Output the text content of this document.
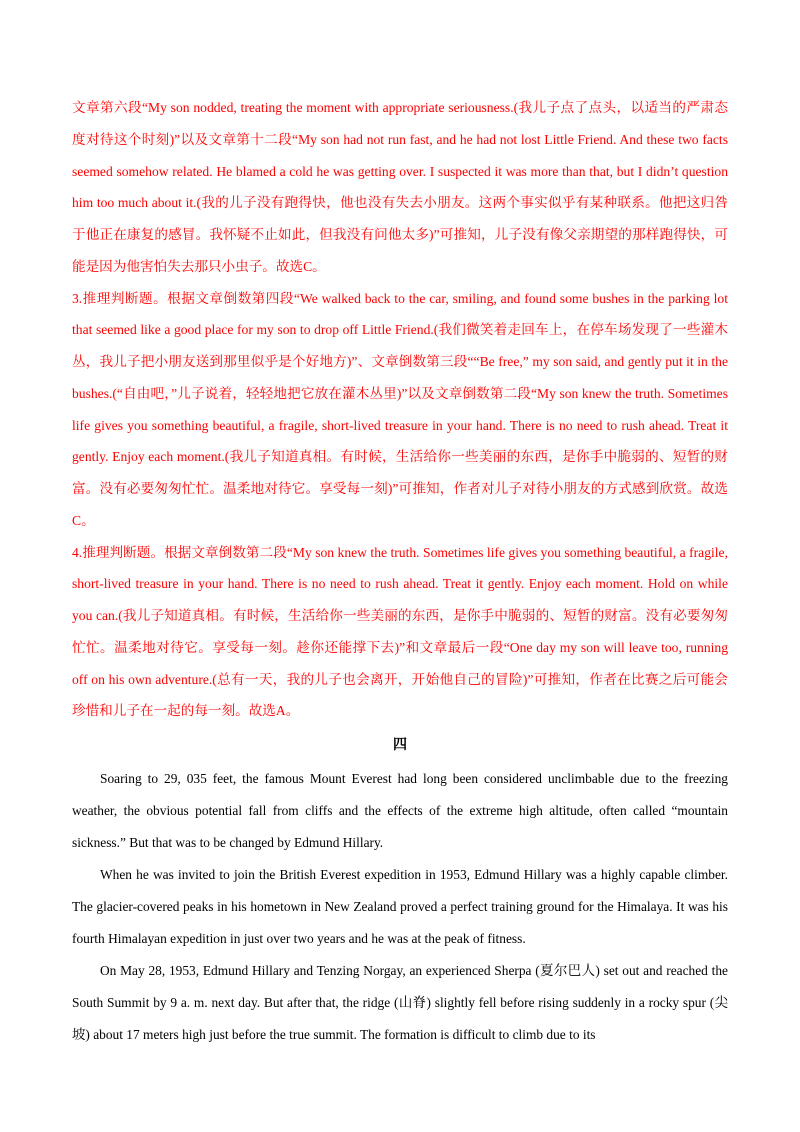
文章第六段“My son nodded, treating the moment with appropriate seriousness.(我儿子点了点头，以适当的严肃态度对待这个时刻)”以及文章第十二段“My son had not run fast, and he had not lost Little Friend. And these two facts seemed somehow related. He blamed a cold he was getting over. I suspected it was more than that, but I didn’t question him too much about it.(我的儿子没有跑得快，他也没有失去小朋友。这两个事实似乎有某种联系。他把这归咎于他正在康复的感冒。我怀疑不止如此，但我没有问他太多)”可推知，儿子没有像父亲期望的那样跑得快，可能是因为他害怕失去那只小虫子。故选C。

3.推理判断题。根据文章倒数第四段“We walked back to the car, smiling, and found some bushes in the parking lot that seemed like a good place for my son to drop off Little Friend.(我们微笑着走回车上，在停车场发现了一些灌木丛，我儿子把小朋友送到那里似乎是个好地方)”、文章倒数第三段““Be free,” my son said, and gently put it in the bushes.(“自由吧，”儿子说着，轻轻地把它放在灌木丛里)”以及文章倒数第二段“My son knew the truth. Sometimes life gives you something beautiful, a fragile, short-lived treasure in your hand. There is no need to rush ahead. Treat it gently. Enjoy each moment.(我儿子知道真相。有时候，生活给你一些美丽的东西，是你手中脆弱的、短暂的财富。没有必要匆匆忙忙。温柔地对待它。享受每一刻)”可推知，作者对儿子对待小朋友的方式感到欣赏。故选C。

4.推理判断题。根据文章倒数第二段“My son knew the truth. Sometimes life gives you something beautiful, a fragile, short-lived treasure in your hand. There is no need to rush ahead. Treat it gently. Enjoy each moment. Hold on while you can.(我儿子知道真相。有时候，生活给你一些美丽的东西，是你手中脆弱的、短暂的财富。没有必要匆匆忙忙。温柔地对待它。享受每一刻。趁你还能撑下去)”和文章最后一段“One day my son will leave too, running off on his own adventure.(总有一天，我的儿子也会离开，开始他自己的冒险)”可推知，作者在比赛之后可能会珍惜和儿子在一起的每一刻。故选A。

四

Soaring to 29, 035 feet, the famous Mount Everest had long been considered unclimbable due to the freezing weather, the obvious potential fall from cliffs and the effects of the extreme high altitude, often called “mountain sickness.” But that was to be changed by Edmund Hillary.

When he was invited to join the British Everest expedition in 1953, Edmund Hillary was a highly capable climber. The glacier-covered peaks in his hometown in New Zealand proved a perfect training ground for the Himalaya. It was his fourth Himalayan expedition in just over two years and he was at the peak of fitness.

On May 28, 1953, Edmund Hillary and Tenzing Norgay, an experienced Sherpa (夏尔巴人) set out and reached the South Summit by 9 a. m. next day. But after that, the ridge (山脊) slightly fell before rising suddenly in a rocky spur (尖坡) about 17 meters high just before the true summit. The formation is difficult to climb due to its
